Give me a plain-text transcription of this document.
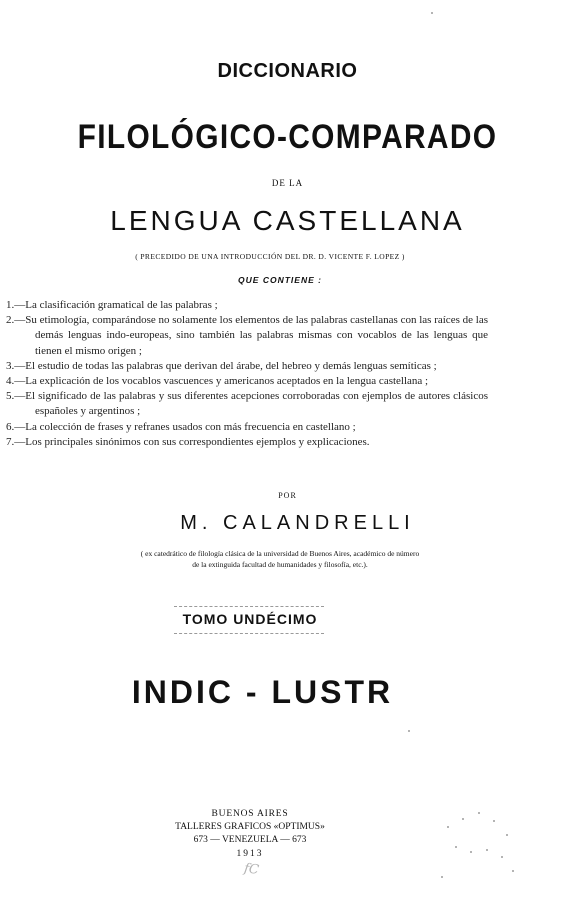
DICCIONARIO
FILOLÓGICO-COMPARADO
DE LA
LENGUA CASTELLANA
( PRECEDIDO DE UNA INTRODUCCIÓN DEL DR. D. VICENTE F. LOPEZ )
QUE CONTIENE :

1.—La clasificación gramatical de las palabras ;

2.—Su etimología, comparándose no solamente los elementos de las palabras castellanas con las raíces de las demás lenguas indo-europeas, sino también las palabras mismas con vocablos de las lenguas que tienen el mismo origen ;

3.—El estudio de todas las palabras que derivan del árabe, del hebreo y demás lenguas semíticas ;

4.—La explicación de los vocablos vascuences y americanos aceptados en la lengua castellana ;

5.—El significado de las palabras y sus diferentes acepciones corroboradas con ejemplos de autores clásicos españoles y argentinos ;

6.—La colección de frases y refranes usados con más frecuencia en castellano ;

7.—Los principales sinónimos con sus correspondientes ejemplos y explicaciones.

POR
M. CALANDRELLI
( ex catedrático de filología clásica de la universidad de Buenos Aires, académico de número
de la extinguida facultad de humanidades y filosofía, etc.).
TOMO UNDÉCIMO
INDIC - LUSTR
BUENOS AIRES
TALLERES GRAFICOS «OPTIMUS»
673 — VENEZUELA — 673
1913
fC
